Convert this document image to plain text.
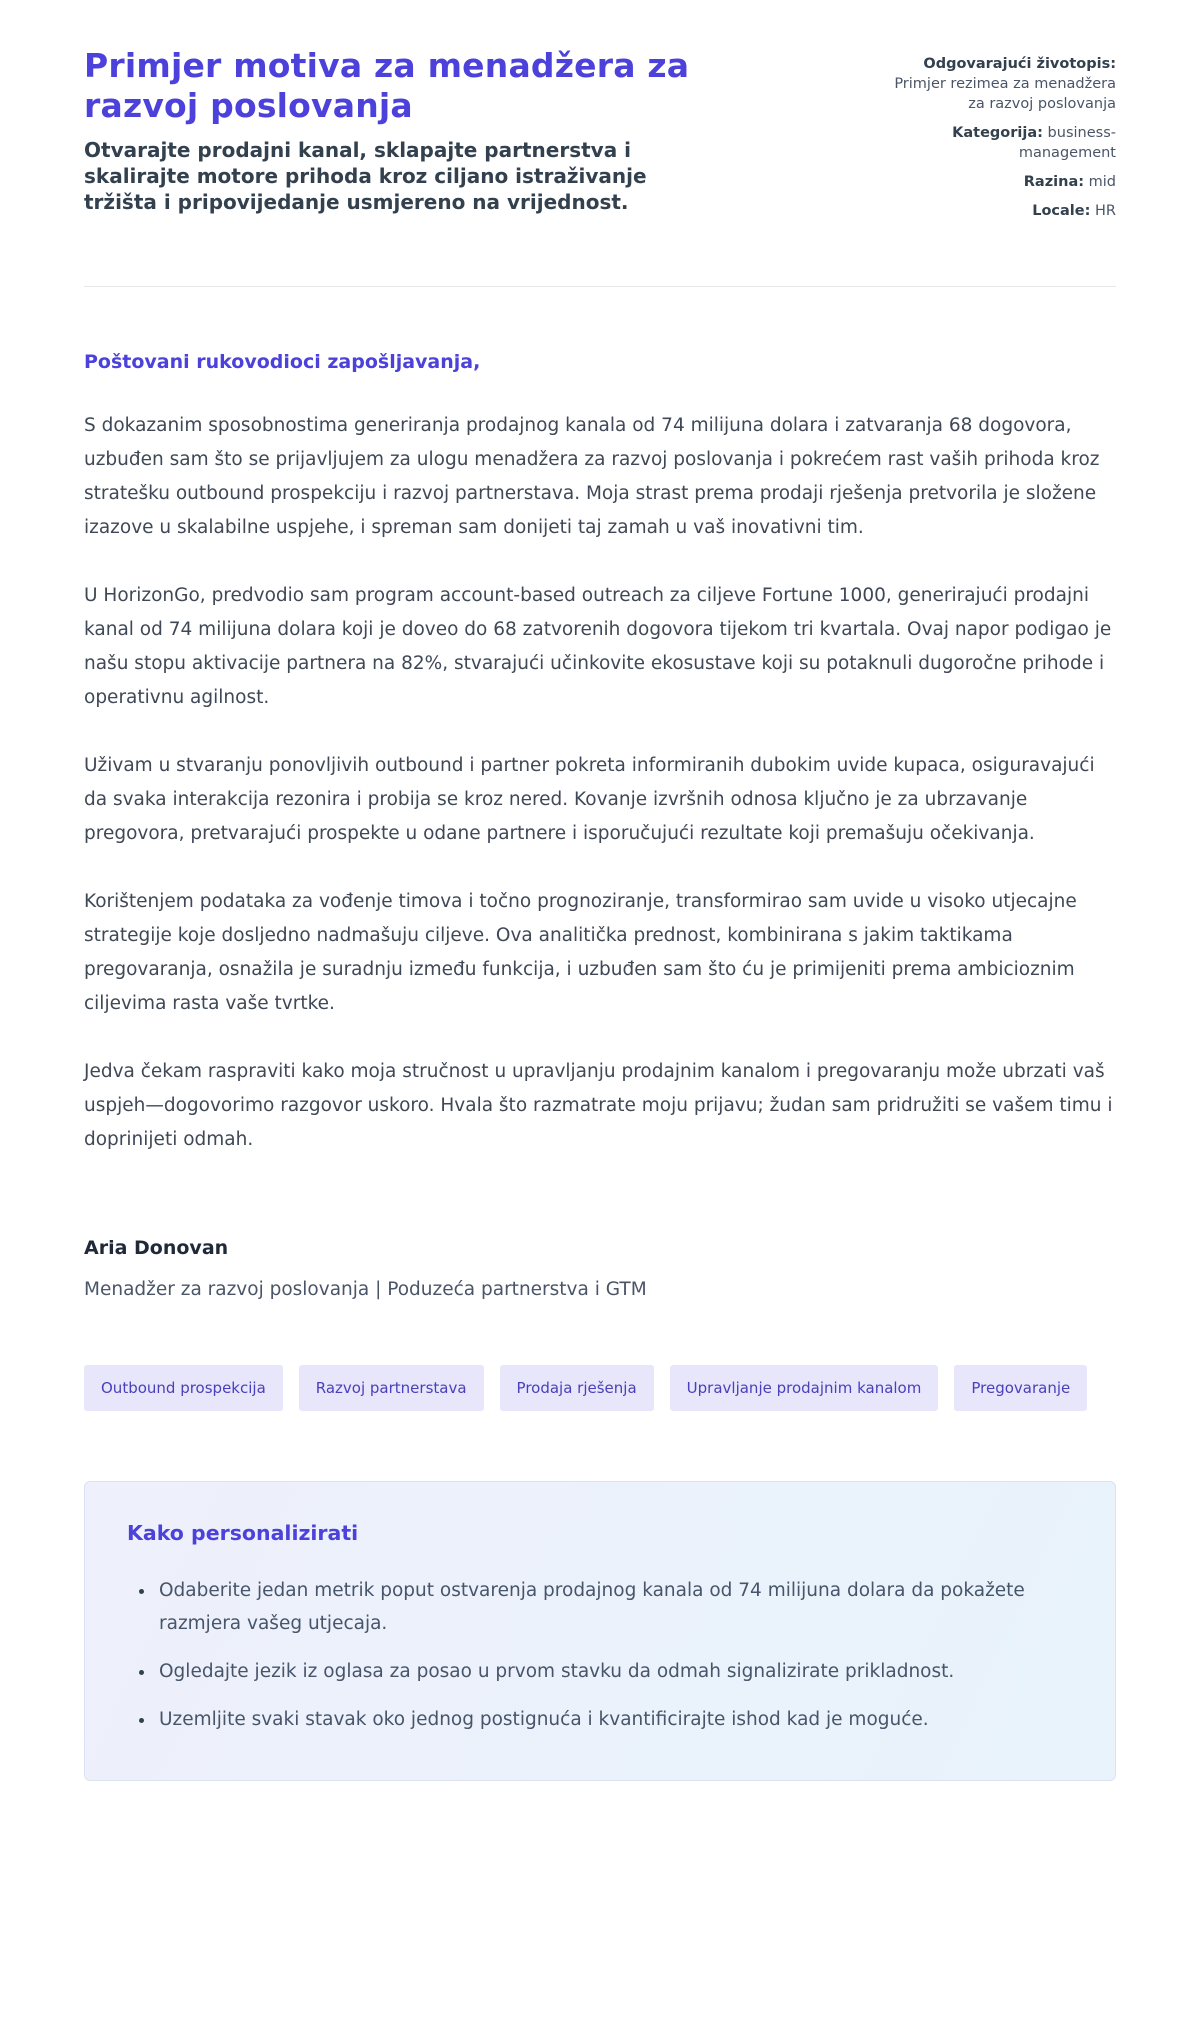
Primjer motiva za menadžera za razvoj poslovanja

Otvarajte prodajni kanal, sklapajte partnerstva i skalirajte motore prihoda kroz ciljano istraživanje tržišta i pripovijedanje usmjereno na vrijednost.

Odgovarajući životopis: Primjer rezimea za menadžera za razvoj poslovanja

Kategorija: business-management

Razina: mid

Locale: HR

Poštovani rukovodioci zapošljavanja,

S dokazanim sposobnostima generiranja prodajnog kanala od 74 milijuna dolara i zatvaranja 68 dogovora, uzbuđen sam što se prijavljujem za ulogu menadžera za razvoj poslovanja i pokrećem rast vaših prihoda kroz stratešku outbound prospekciju i razvoj partnerstava. Moja strast prema prodaji rješenja pretvorila je složene izazove u skalabilne uspjehe, i spreman sam donijeti taj zamah u vaš inovativni tim.

U HorizonGo, predvodio sam program account-based outreach za ciljeve Fortune 1000, generirajući prodajni kanal od 74 milijuna dolara koji je doveo do 68 zatvorenih dogovora tijekom tri kvartala. Ovaj napor podigao je našu stopu aktivacije partnera na 82%, stvarajući učinkovite ekosustave koji su potaknuli dugoročne prihode i operativnu agilnost.

Uživam u stvaranju ponovljivih outbound i partner pokreta informiranih dubokim uvide kupaca, osiguravajući da svaka interakcija rezonira i probija se kroz nered. Kovanje izvršnih odnosa ključno je za ubrzavanje pregovora, pretvarajući prospekte u odane partnere i isporučujući rezultate koji premašuju očekivanja.

Korištenjem podataka za vođenje timova i točno prognoziranje, transformirao sam uvide u visoko utjecajne strategije koje dosljedno nadmašuju ciljeve. Ova analitička prednost, kombinirana s jakim taktikama pregovaranja, osnažila je suradnju između funkcija, i uzbuđen sam što ću je primijeniti prema ambicioznim ciljevima rasta vaše tvrtke.

Jedva čekam raspraviti kako moja stručnost u upravljanju prodajnim kanalom i pregovaranju može ubrzati vaš uspjeh—dogovorimo razgovor uskoro. Hvala što razmatrate moju prijavu; žudan sam pridružiti se vašem timu i doprinijeti odmah.

Aria Donovan

Menadžer za razvoj poslovanja | Poduzeća partnerstva i GTM

Outbound prospekcija	Razvoj partnerstava	Prodaja rješenja	Upravljanje prodajnim kanalom	Pregovaranje
Kako personalizirati
• Odaberite jedan metrik poput ostvarenja prodajnog kanala od 74 milijuna dolara da pokažete razmjera vašeg utjecaja.
• Ogledajte jezik iz oglasa za posao u prvom stavku da odmah signalizirate prikladnost.
• Uzemljite svaki stavak oko jednog postignuća i kvantificirajte ishod kad je moguće.
